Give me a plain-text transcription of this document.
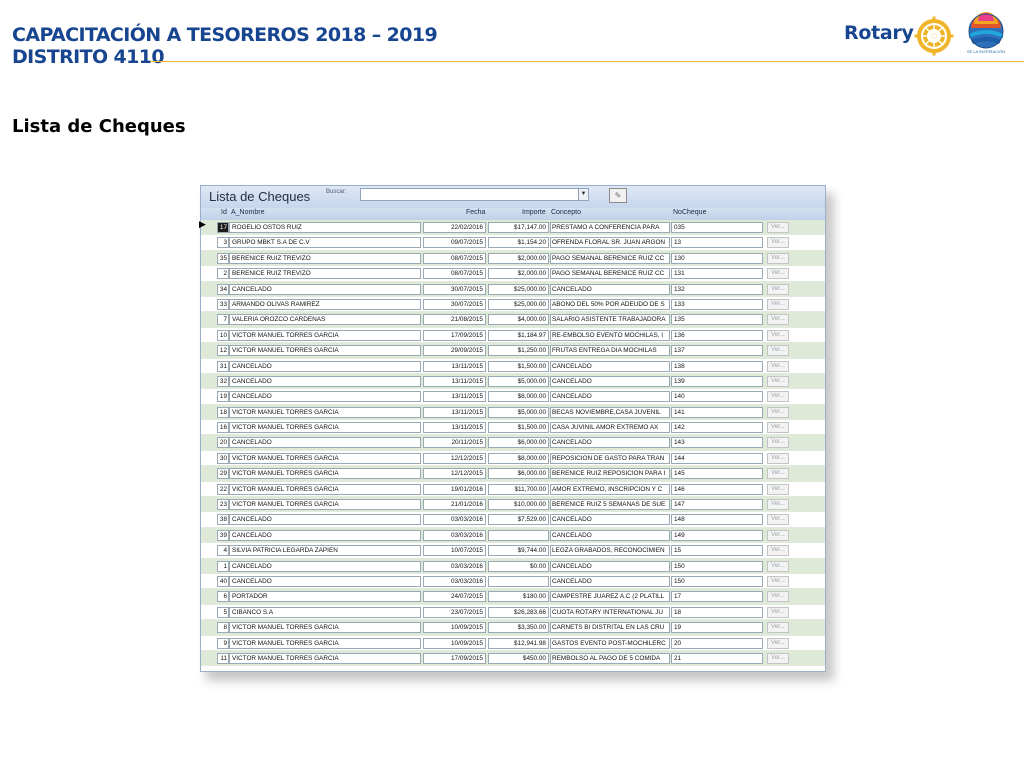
CAPACITACIÓN A TESOREROS 2018 – 2019
DISTRITO 4110
Rotary
SÉ LA INSPIRACIÓN
Lista de Cheques
Lista de Cheques	Buscar:	▼	✎
Id A_Nombre	Fecha	Importe Concepto	NoCheque
▶	17 ROGELIO OSTOS RUIZ	22/02/2016	$17,147.00 PRESTAMO A CONFERENCIA PARA	035	Ver...
3 GRUPO MBKT S.A DE C.V	09/07/2015	$1,154.20 OFRENDA FLORAL SR. JUAN ARGON	13	Ver...
35 BERENICE RUIZ TREVIZO	08/07/2015	$2,000.00 PAGO SEMANAL BERENICE RUIZ CC	130	Ver...
2 BERENICE RUIZ TREVIZO	08/07/2015	$2,000.00 PAGO SEMANAL BERENICE RUIZ CC	131	Ver...
34 CANCELADO	30/07/2015	$25,000.00 CANCELADO	132	Ver...
33 ARMANDO OLIVAS RAMIREZ	30/07/2015	$25,000.00 ABONO DEL 50% POR ADEUDO DE S	133	Ver...
7 VALERIA OROZCO CARDENAS	21/08/2015	$4,000.00 SALARIO ASISTENTE TRABAJADORA	135	Ver...
10 VICTOR MANUEL TORRES GARCIA	17/09/2015	$1,184.97 RE-EMBOLSO EVENTO MOCHILAS, I	136	Ver...
12 VICTOR MANUEL TORRES GARCIA	29/09/2015	$1,250.00 FRUTAS ENTREGA DIA MOCHILAS	137	Ver...
31 CANCELADO	13/11/2015	$1,500.00 CANCELADO	138	Ver...
32 CANCELADO	13/11/2015	$5,000.00 CANCELADO	139	Ver...
19 CANCELADO	13/11/2015	$8,000.00 CANCELADO	140	Ver...
18 VICTOR MANUEL TORRES GARCIA	13/11/2015	$5,000.00 BECAS NOVIEMBRE,CASA JUVENIL	141	Ver...
16 VICTOR MANUEL TORRES GARCIA	13/11/2015	$1,500.00 CASA JUVINIL AMOR EXTREMO AX	142	Ver...
20 CANCELADO	20/11/2015	$6,000.00 CANCELADO	143	Ver...
30 VICTOR MANUEL TORRES GARCIA	12/12/2015	$8,000.00 REPOSICION DE GASTO PARA TRAN	144	Ver...
29 VICTOR MANUEL TORRES GARCIA	12/12/2015	$6,000.00 BERENICE RUIZ REPOSICION PARA I	145	Ver...
22 VICTOR MANUEL TORRES GARCIA	19/01/2016	$11,700.00 AMOR EXTREMO, INSCRIPCION Y C	146	Ver...
23 VICTOR MANUEL TORRES GARCIA	21/01/2016	$10,000.00 BERENICE RUIZ 5 SEMANAS DE SUE	147	Ver...
38 CANCELADO	03/03/2016	$7,529.00 CANCELADO	148	Ver...
39 CANCELADO	03/03/2016	CANCELADO	149	Ver...
4 SILVIA PATRICIA LEGARDA ZAPIEN	10/07/2015	$9,744.00 LEGZA GRABADOS, RECONOCIMIEN	15	Ver...
1 CANCELADO	03/03/2016	$0.00 CANCELADO	150	Ver...
40 CANCELADO	03/03/2016	CANCELADO	150	Ver...
6 PORTADOR	24/07/2015	$180.00 CAMPESTRE JUAREZ A.C (2 PLATILL	17	Ver...
5 CIBANCO S.A	23/07/2015	$26,283.66 CUOTA ROTARY INTERNATIONAL JU	18	Ver...
8 VICTOR MANUEL TORRES GARCIA	10/09/2015	$3,350.00 CARNETS BI DISTRITAL EN LAS CRU	19	Ver...
9 VICTOR MANUEL TORRES GARCIA	10/09/2015	$12,941.98 GASTOS EVENTO POST-MOCHILERC	20	Ver...
11 VICTOR MANUEL TORRES GARCIA	17/09/2015	$450.00 REMBOLSO AL PAGO DE 5 COMIDA	21	Ver...
